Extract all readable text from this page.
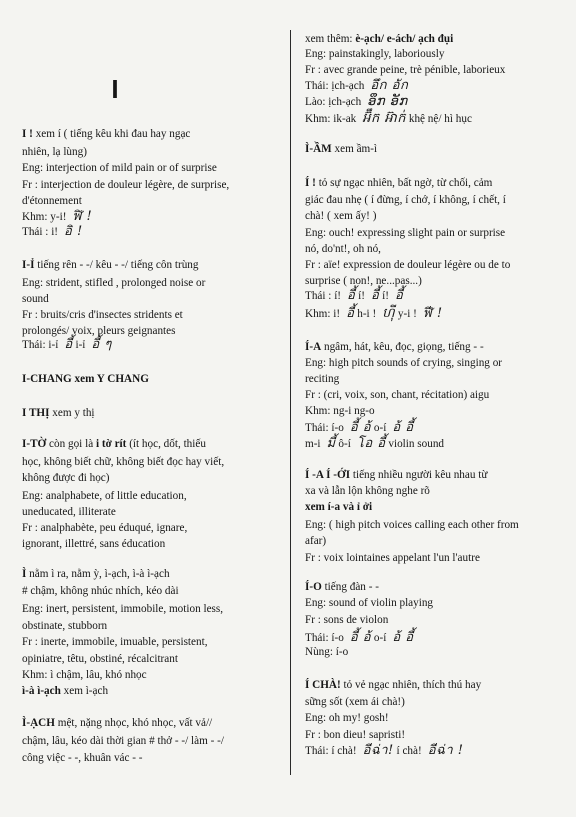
I
I ! xem í ( tiếng kêu khi đau hay ngạc
nhiên, lạ lùng)
Eng: interjection of mild pain or of surprise
Fr : interjection de douleur légère, de surprise,
d'étonnement
Khm: y-i! ฬิ !
Thái : i! อิ !
I-Ỉ tiếng rên - -/ kêu - -/ tiếng côn trùng
Eng: strident, stifled , prolonged noise or
sound
Fr : bruits/cris d'insectes stridents et
prolongés/ voix, pleurs geignantes
Thái: i-ỉ อี้ i-ỉ อี้ ๆ
I-CHANG xem Y CHANG
I THỊ xem y thị
I-TỜ còn gọi là i tờ rít (ít học, dốt, thiếu
học, không biết chữ, không biết đọc hay viết,
không được đi học)
Eng: analphabete, of little education,
uneducated, illiterate
Fr : analphabète, peu éduqué, ignare,
ignorant, illettré, sans éducation
Ì nằm ì ra, nằm ỳ, ì-ạch, ì-à ì-ạch
# chậm, không nhúc nhích, kéo dài
Eng: inert, persistent, immobile, motion less,
obstinate, stubborn
Fr : inerte, immobile, imuable, persistent,
opiniatre, têtu, obstiné, récalcitrant
Khm: ì chậm, lâu, khó nhọc
ì-à ì-ạch xem ì-ạch
Ì-ẠCH mệt, nặng nhọc, khó nhọc, vất vả//
chậm, lâu, kéo dài thời gian # thở - -/ làm - -/
công việc - -, khuân vác - -
xem thêm: è-ạch/ e-ách/ ạch đụi
Eng: painstakingly, laboriously
Fr : avec grande peine, trè pénible, laborieux
Thái: ịch-ạch อึก อัก
Lào: ịch-ạch ອຶກ ອັກ
Khm: ik-ak អ៊ឹក អ៊ាក់ khệ nệ/ hì hục
Ì-ẦM xem ầm-ì
Í ! tỏ sự ngạc nhiên, bất ngờ, từ chối, cảm
giác đau nhẹ ( í đừng, í chớ, í không, í chết, í
chà! ( xem ấy! )
Eng: ouch! expressing slight pain or surprise
nó, do'nt!, oh nó,
Fr : aïe! expression de douleur légère ou de to
surprise ( non!, ne...pas...)
Thái : í! อี้ í! อี้ í! อี้
Khm: i! อี้ h-i ! ហ៊ី y-i ! ฬี !
Í-A ngâm, hát, kêu, đọc, giọng, tiếng - -
Eng: high pitch sounds of crying, singing or
reciting
Fr : (cri, voix, son, chant, récitation) aigu
Khm: ng-i ng-o
Thái: í-o อี้ อ้ o-í อ้ อี้
m-i มี้ ô-í โอ อี้ violin sound
Í -A Í -ỚI tiếng nhiều người kêu nhau từ
xa và lẫn lộn không nghe rõ
xem í-a và ỉ ởi
Eng: ( high pitch voices calling each other from
afar)
Fr : voix lointaines appelant l'un l'autre
Í-O tiếng đàn - -
Eng: sound of violin playing
Fr : sons de violon
Thái: í-o อี้ อ้ o-í อ้ อี้
Nùng: í-o
Í CHÀ! tỏ vẻ ngạc nhiên, thích thú hay
sững sốt (xem ái chà!)
Eng: oh my! gosh!
Fr : bon dieu! sapristi!
Thái: í chà! อีฉ่า! í chà! อีฉ่า !
